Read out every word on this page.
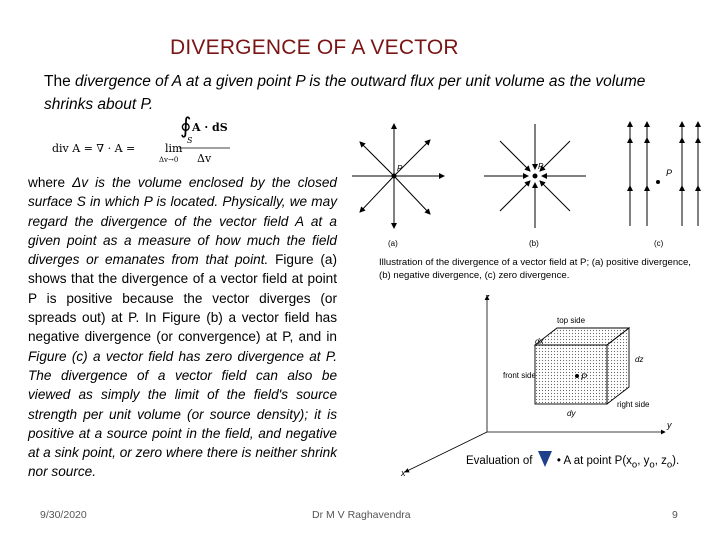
DIVERGENCE OF A VECTOR
The divergence of A at a given point P is the outward flux per unit volume as the volume shrinks about P.
div A = ∇ · A =	lim
Δv→0
∮ A · dS
S
Δv
where Δv is the volume enclosed by the closed surface S in which P is located. Physically, we may regard the divergence of the vector field A at a given point as a measure of how much the field diverges or emanates from that point. Figure (a) shows that the divergence of a vector field at point P is positive because the vector diverges (or spreads out) at P. In Figure (b) a vector field has negative divergence (or convergence) at P, and in Figure (c) a vector field has zero divergence at P. The divergence of a vector field can also be viewed as simply the limit of the field's source strength per unit volume (or source density); it is positive at a source point in the field, and negative at a sink point, or zero where there is neither shrink nor source.
P
(a)
P
(b)
P
(c)
Illustration of the divergence of a vector field at P; (a) positive divergence, (b) negative divergence, (c) zero divergence.
z
y
x
P
top side
front side
right side
dx
dz
dy
Evaluation of • A at point $P(x_o$, $y_o$, $z_o$).
9/30/2020	Dr M V Raghavendra	9
